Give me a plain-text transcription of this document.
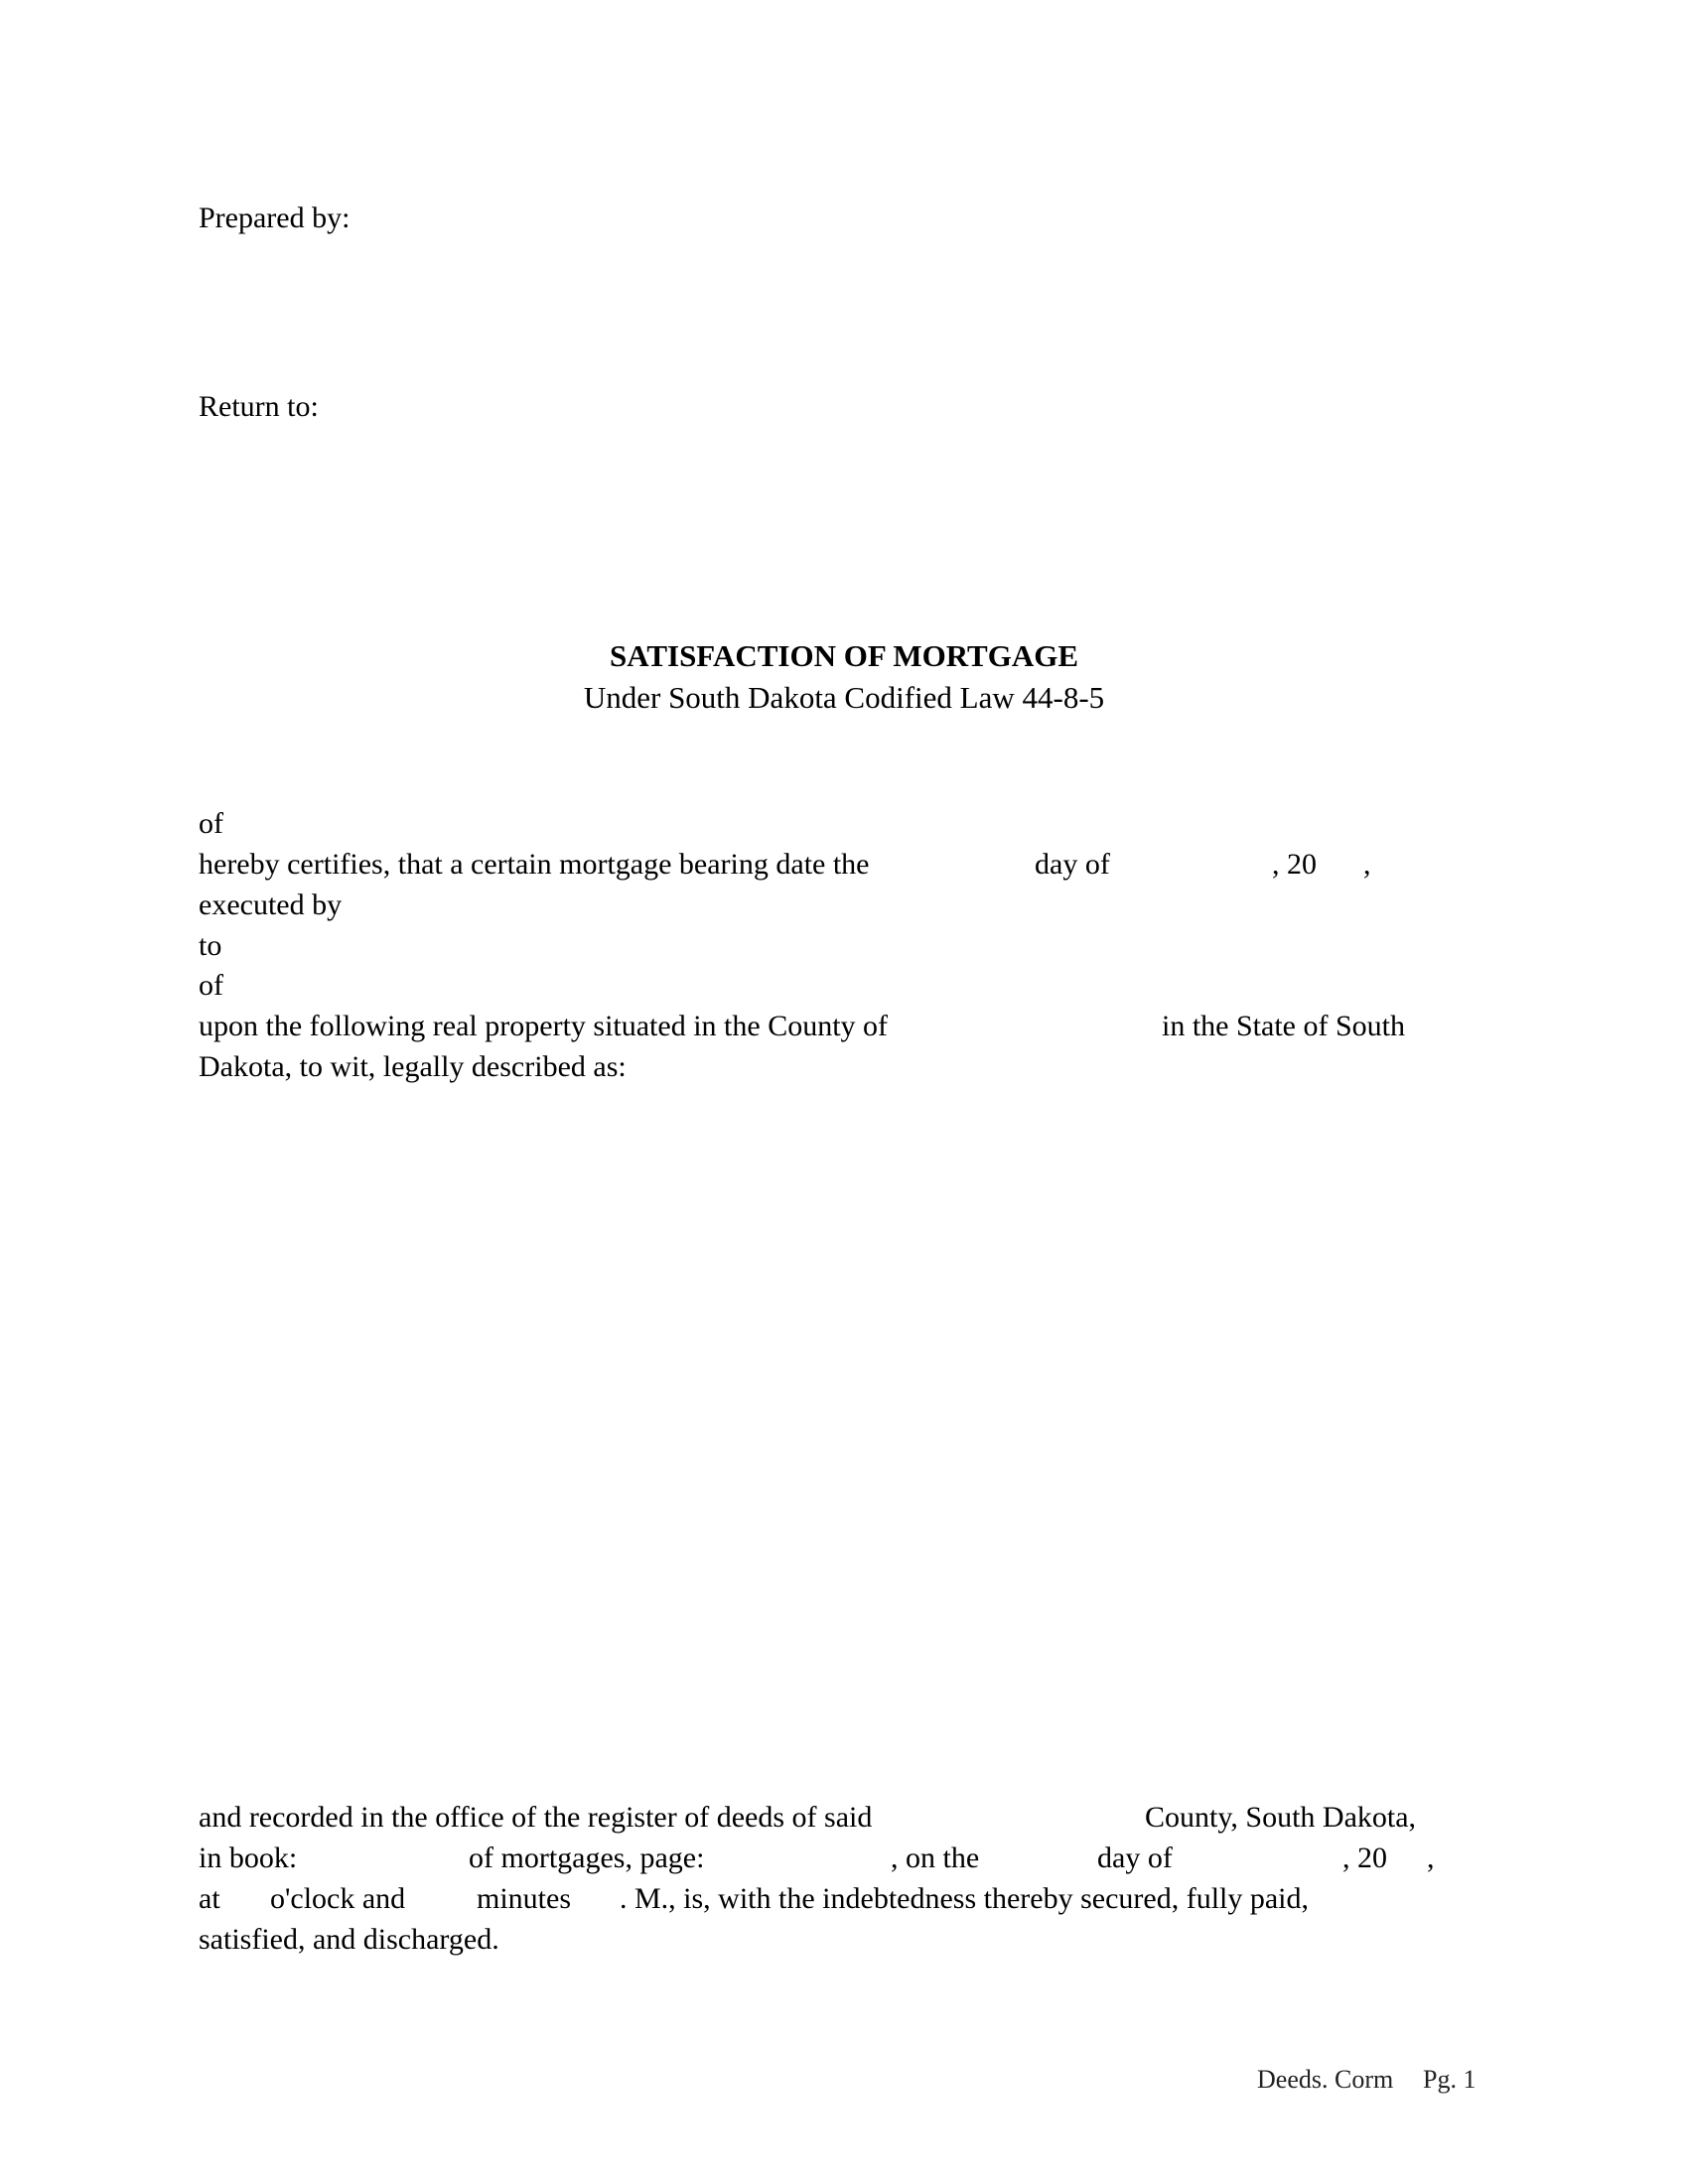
Prepared by:
Return to:
SATISFACTION OF MORTGAGE
Under South Dakota Codified Law 44-8-5
of
hereby certifies, that a certain mortgage bearing date the	day of	, 20 ,
executed by
to
of
upon the following real property situated in the County of	in the State of South
Dakota, to wit, legally described as:
and recorded in the office of the register of deeds of said	County, South Dakota,
in book:	of mortgages, page:	, on the	day of	, 20 ,
at o'clock and minutes . M., is, with the indebtedness thereby secured, fully paid,
satisfied, and discharged.
Deeds. Corm Pg. 1
